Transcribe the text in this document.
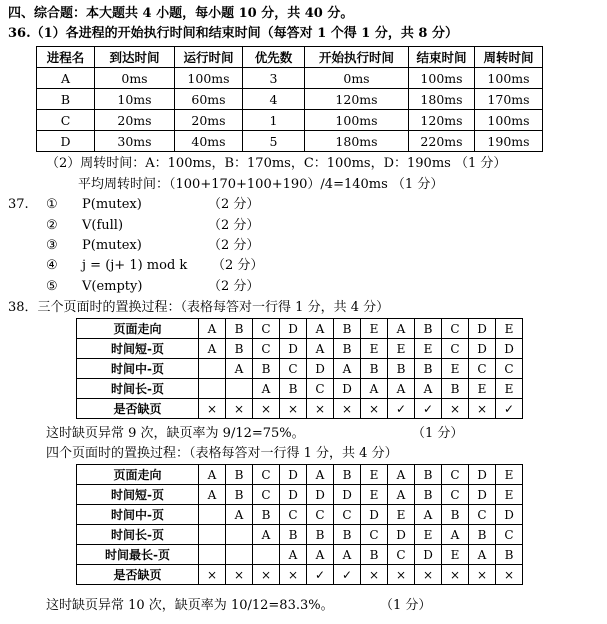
四、综合题：本大题共 4 小题，每小题 10 分，共 40 分。
36.（1）各进程的开始执行时间和结束时间（每答对 1 个得 1 分，共 8 分）
进程名	到达时间	运行时间	优先数	开始执行时间	结束时间	周转时间
A	0ms	100ms	3	0ms	100ms	100ms
B	10ms	60ms	4	120ms	180ms	170ms
C	20ms	20ms	1	100ms	120ms	100ms
D	30ms	40ms	5	180ms	220ms	190ms
（2）周转时间：A：100ms，B：170ms，C：100ms，D：190ms （1 分）
平均周转时间：（100+170+100+190）/4=140ms （1 分）
37. ① P(mutex)	（2 分）
② V(full)	（2 分）
③ P(mutex)	（2 分）
④ j = (j+ 1) mod k （2 分）
⑤ V(empty)	（2 分）
38．三个页面时的置换过程：（表格每答对一行得 1 分，共 4 分）
页面走向	A	B	C	D	A	B	E	A	B	C	D	E
时间短-页	A	B	C	D	A	B	E	E	E	C	D	D
时间中-页		A	B	C	D	A	B	B	B	E	C	C
时间长-页			A	B	C	D	A	A	A	B	E	E
是否缺页	×	×	×	×	×	×	×	✓	✓	×	×	✓
这时缺页异常 9 次，缺页率为 9/12=75%。	（1 分）
四个页面时的置换过程：（表格每答对一行得 1 分，共 4 分）
页面走向	A	B	C	D	A	B	E	A	B	C	D	E
时间短-页	A	B	C	D	D	D	E	A	B	C	D	E
时间中-页		A	B	C	C	C	D	E	A	B	C	D
时间长-页			A	B	B	B	C	D	E	A	B	C
时间最长-页				A	A	A	B	C	D	E	A	B
是否缺页	×	×	×	×	✓	✓	×	×	×	×	×	×
这时缺页异常 10 次，缺页率为 10/12=83.3%。	（1 分）
